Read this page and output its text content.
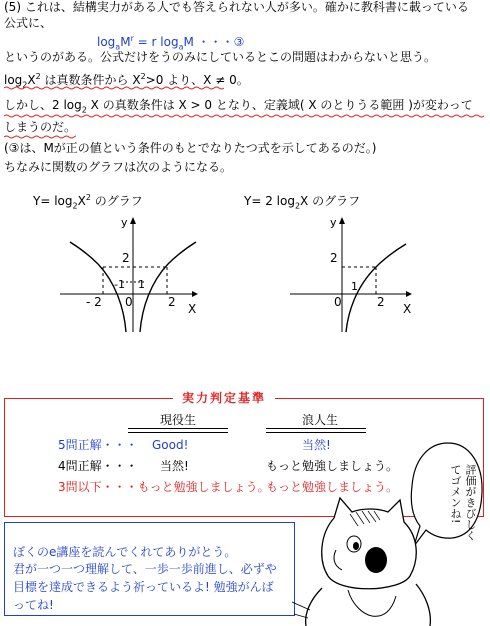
(5) これは、結構実力がある人でも答えられない人が多い。確かに教科書に載っている
公式に、
$\log_aM^r = r$ $\log_aM$ ・・・③
というのがある。公式だけをうのみにしているとこの問題はわからないと思う。
$\log_2X^2$ は真数条件から $X^2>0$ より、X ≠ 0。
しかし、2 $\log_2 X$ の真数条件は X > 0 となり、定義域( X のとりうる範囲 )が変わって
しまうのだ。
(③は、Mが正の値という条件のもとでなりたつ式を示してあるのだ。)
ちなみに関数のグラフは次のようになる。
$Y= \log_2X^2$ のグラフ
y
2
1
-1
- 2 0	2 X
Y= 2 $\log_2X$ のグラフ
y
2
1
0	2 X
実力判定基準
現役生	浪人生
5問正解・・・ Good!	当然!
4問正解・・・ 当然!	もっと勉強しましょう。
3問以下・・・もっと勉強しましょう。
もっと勉強しましょう。
ぼくのe講座を読んでくれてありがとう。
君が一つ一つ理解して、一歩一歩前進し、必ずや
目標を達成できるよう祈っているよ! 勉強がんば
ってね!
評価がきびしくてゴメンね!
